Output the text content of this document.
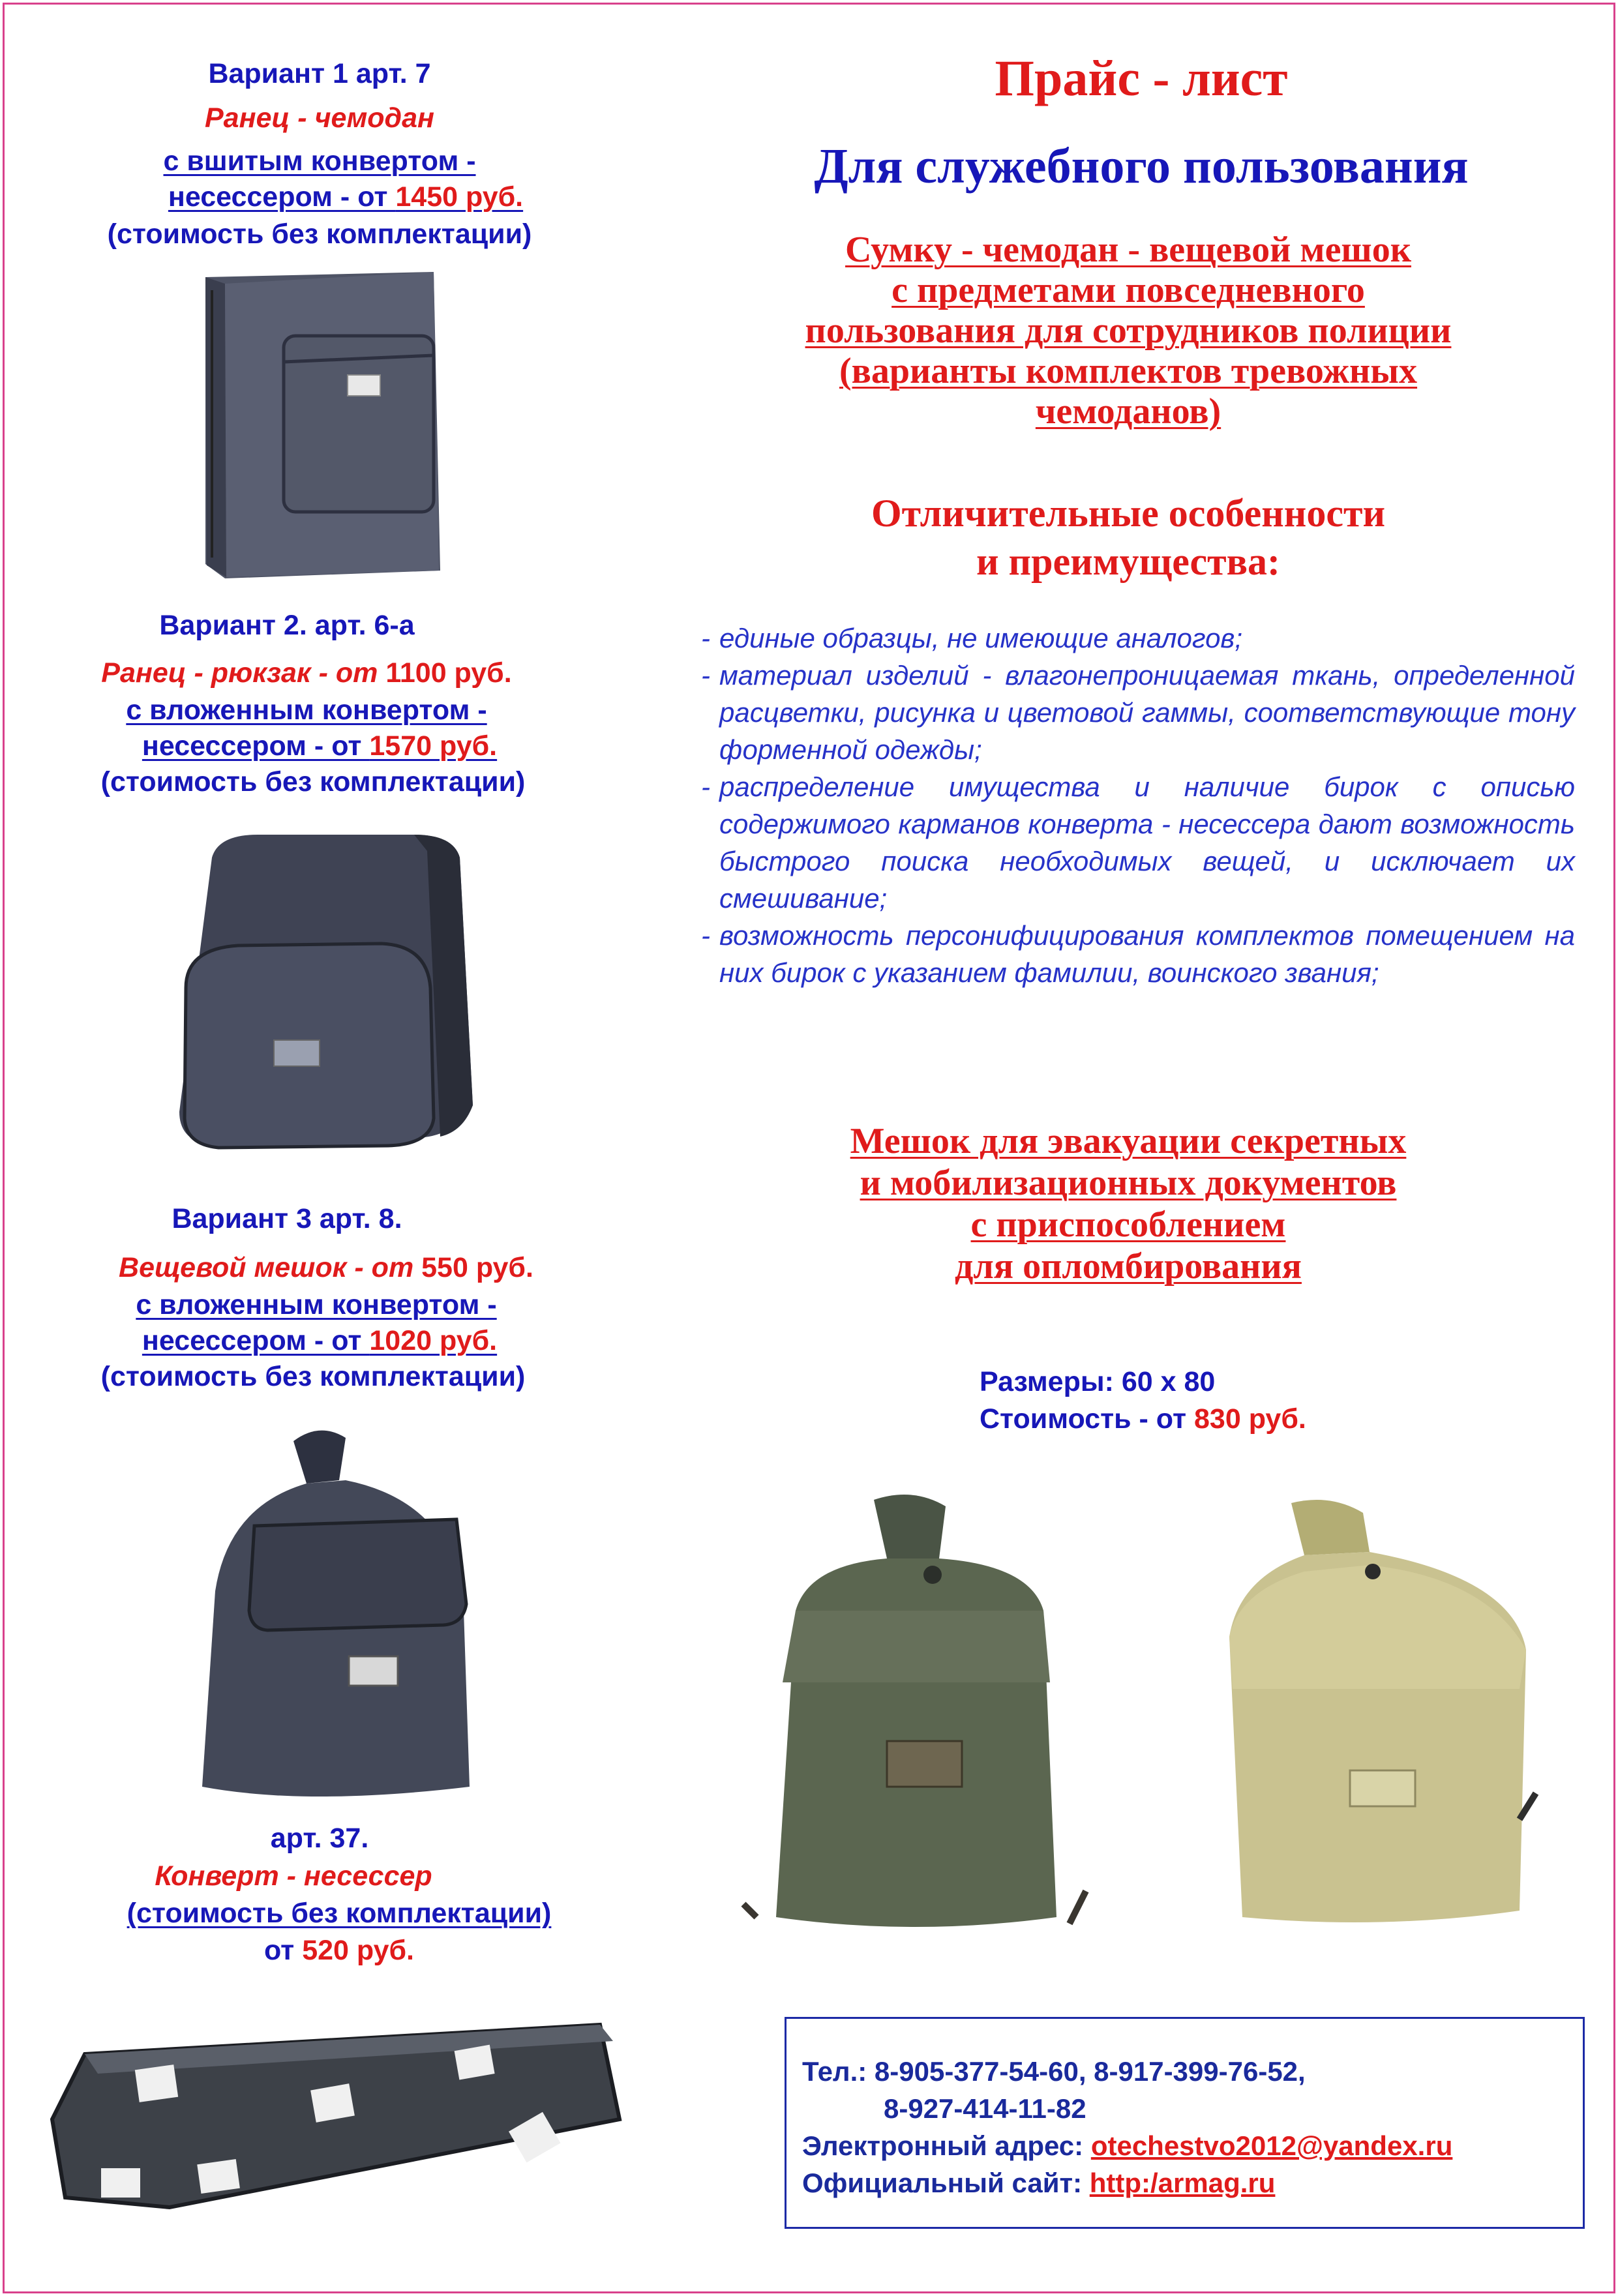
Вариант 1 арт. 7
Ранец - чемодан
с вшитым конвертом -
несессером - от 1450 руб.
(стоимость без комплектации)
Вариант 2. арт. 6-а
Ранец - рюкзак - от 1100 руб.
с вложенным конвертом -
несессером - от 1570 руб.
(стоимость без комплектации)
Вариант 3 арт. 8.
Вещевой мешок - от 550 руб.
с вложенным конвертом -
несессером - от 1020 руб.
(стоимость без комплектации)
арт. 37.
Конверт - несессер
(стоимость без комплектации)
от 520 руб.
Прайс - лист
Для служебного пользования
Сумку - чемодан - вещевой мешок
с предметами повседневного
пользования для сотрудников полиции
(варианты комплектов тревожных
чемоданов)
Отличительные особенности
и преимущества:
- единые образцы, не имеющие аналогов;
- материал изделий - влагонепроницаемая ткань, определенной расцветки, рисунка и цветовой гаммы, соответствующие тону форменной одежды;
- распределение имущества и наличие бирок с описью содержимого карманов конверта - несессера дают возможность быстрого поиска необходимых вещей, и исключает их смешивание;
- возможность персонифицирования комплектов помещением на них бирок с указанием фамилии, воинского звания;
Мешок для эвакуации секретных
и мобилизационных документов
с приспособлением
для опломбирования
Размеры: 60 х 80
Стоимость - от 830 руб.
Тел.: 8-905-377-54-60, 8-917-399-76-52,
8-927-414-11-82
Электронный адрес: otechestvo2012@yandex.ru
Официальный сайт: http:/armag.ru
